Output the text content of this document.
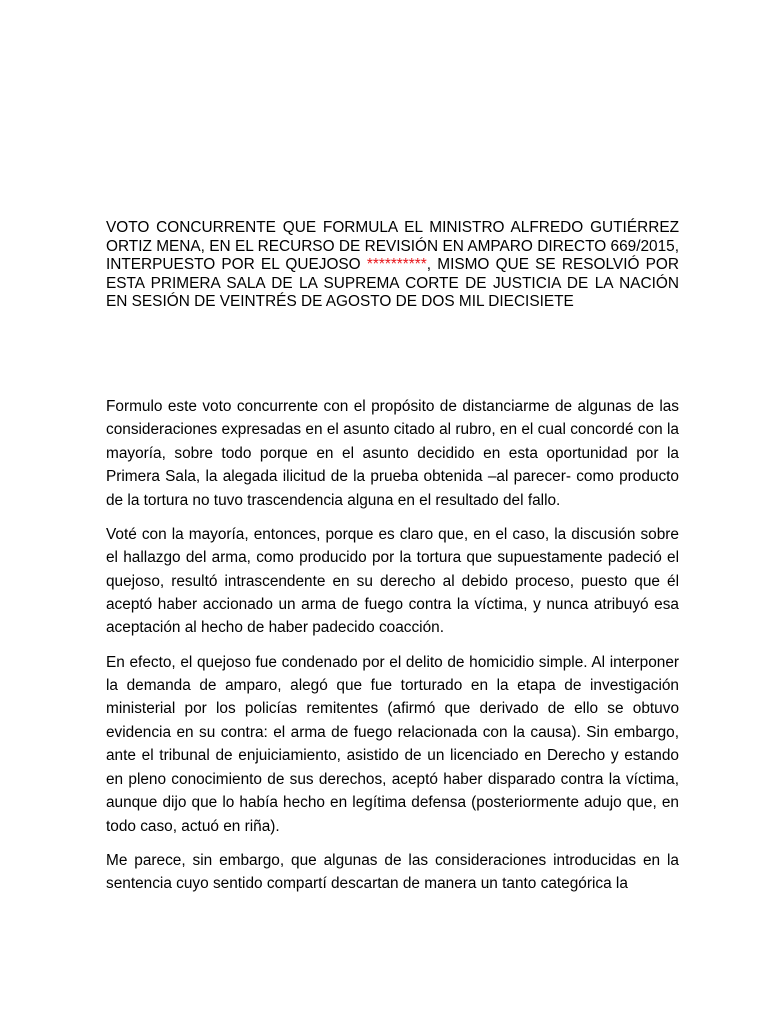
VOTO CONCURRENTE QUE FORMULA EL MINISTRO ALFREDO GUTIÉRREZ ORTIZ MENA, EN EL RECURSO DE REVISIÓN EN AMPARO DIRECTO 669/2015, INTERPUESTO POR EL QUEJOSO **********, MISMO QUE SE RESOLVIÓ POR ESTA PRIMERA SALA DE LA SUPREMA CORTE DE JUSTICIA DE LA NACIÓN EN SESIÓN DE VEINTRÉS DE AGOSTO DE DOS MIL DIECISIETE

Formulo este voto concurrente con el propósito de distanciarme de algunas de las consideraciones expresadas en el asunto citado al rubro, en el cual concordé con la mayoría, sobre todo porque en el asunto decidido en esta oportunidad por la Primera Sala, la alegada ilicitud de la prueba obtenida –al parecer- como producto de la tortura no tuvo trascendencia alguna en el resultado del fallo.

Voté con la mayoría, entonces, porque es claro que, en el caso, la discusión sobre el hallazgo del arma, como producido por la tortura que supuestamente padeció el quejoso, resultó intrascendente en su derecho al debido proceso, puesto que él aceptó haber accionado un arma de fuego contra la víctima, y nunca atribuyó esa aceptación al hecho de haber padecido coacción.

En efecto, el quejoso fue condenado por el delito de homicidio simple. Al interponer la demanda de amparo, alegó que fue torturado en la etapa de investigación ministerial por los policías remitentes (afirmó que derivado de ello se obtuvo evidencia en su contra: el arma de fuego relacionada con la causa). Sin embargo, ante el tribunal de enjuiciamiento, asistido de un licenciado en Derecho y estando en pleno conocimiento de sus derechos, aceptó haber disparado contra la víctima, aunque dijo que lo había hecho en legítima defensa (posteriormente adujo que, en todo caso, actuó en riña).

Me parece, sin embargo, que algunas de las consideraciones introducidas en la sentencia cuyo sentido compartí descartan de manera un tanto categórica la
